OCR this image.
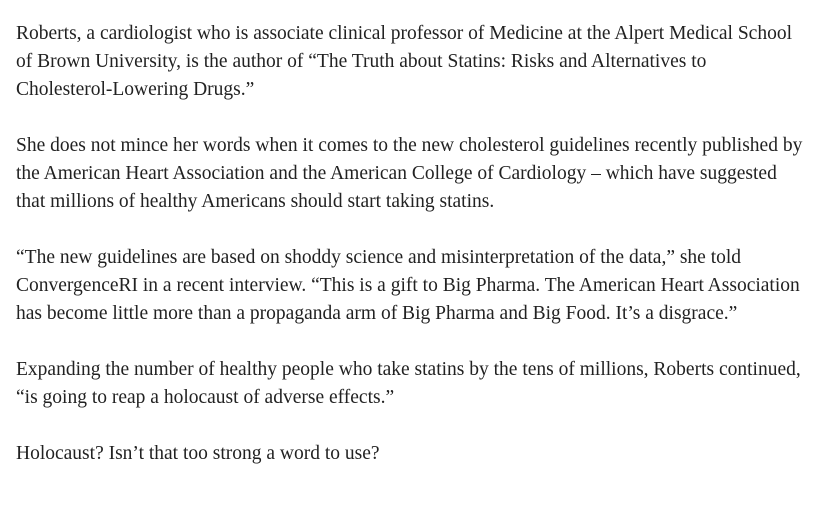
Roberts, a cardiologist who is associate clinical professor of Medicine at the Alpert Medical School of Brown University, is the author of “The Truth about Statins: Risks and Alternatives to Cholesterol-Lowering Drugs.”

She does not mince her words when it comes to the new cholesterol guidelines recently published by the American Heart Association and the American College of Cardiology – which have suggested that millions of healthy Americans should start taking statins.

“The new guidelines are based on shoddy science and misinterpretation of the data,” she told ConvergenceRI in a recent interview. “This is a gift to Big Pharma. The American Heart Association has become little more than a propaganda arm of Big Pharma and Big Food. It’s a disgrace.”

Expanding the number of healthy people who take statins by the tens of millions, Roberts continued, “is going to reap a holocaust of adverse effects.”

Holocaust? Isn’t that too strong a word to use?
